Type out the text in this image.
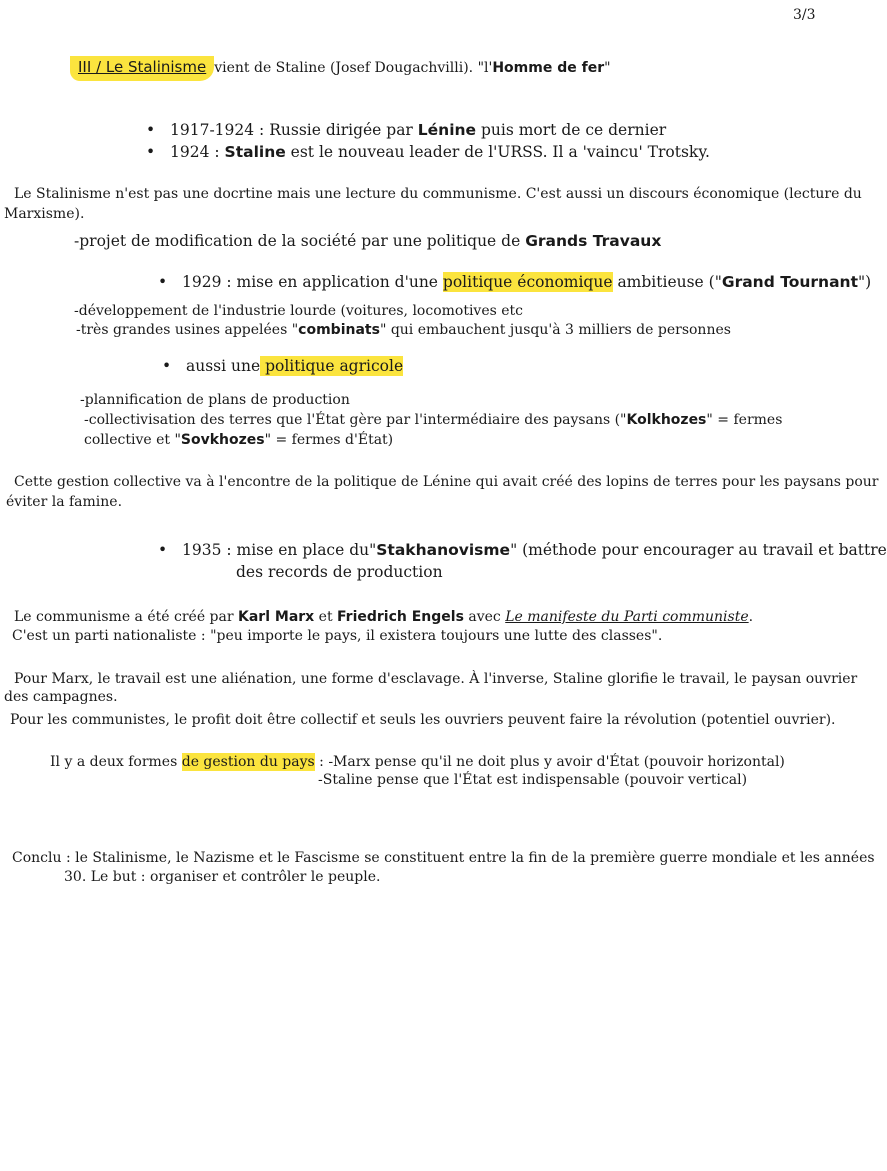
3/3
III / Le Stalinisme vient de Staline (Josef Dougachvilli). "l'Homme de fer"
• 1917-1924 : Russie dirigée par Lénine puis mort de ce dernier
• 1924 : Staline est le nouveau leader de l'URSS. Il a 'vaincu' Trotsky.
Le Stalinisme n'est pas une docrtine mais une lecture du communisme. C'est aussi un discours économique (lecture du
Marxisme).
-projet de modification de la société par une politique de Grands Travaux
• 1929 : mise en application d'une politique économique ambitieuse ("Grand Tournant")
-développement de l'industrie lourde (voitures, locomotives etc
-très grandes usines appelées "combinats" qui embauchent jusqu'à 3 milliers de personnes
• aussi une politique agricole
-plannification de plans de production
-collectivisation des terres que l'État gère par l'intermédiaire des paysans ("Kolkhozes" = fermes
collective et "Sovkhozes" = fermes d'État)
Cette gestion collective va à l'encontre de la politique de Lénine qui avait créé des lopins de terres pour les paysans pour
éviter la famine.
• 1935 : mise en place du"Stakhanovisme" (méthode pour encourager au travail et battre
des records de production
Le communisme a été créé par Karl Marx et Friedrich Engels avec Le manifeste du Parti communiste.
C'est un parti nationaliste : "peu importe le pays, il existera toujours une lutte des classes".
Pour Marx, le travail est une aliénation, une forme d'esclavage. À l'inverse, Staline glorifie le travail, le paysan ouvrier
des campagnes.
Pour les communistes, le profit doit être collectif et seuls les ouvriers peuvent faire la révolution (potentiel ouvrier).
Il y a deux formes de gestion du pays : -Marx pense qu'il ne doit plus y avoir d'État (pouvoir horizontal)
-Staline pense que l'État est indispensable (pouvoir vertical)
Conclu : le Stalinisme, le Nazisme et le Fascisme se constituent entre la fin de la première guerre mondiale et les années
30. Le but : organiser et contrôler le peuple.
